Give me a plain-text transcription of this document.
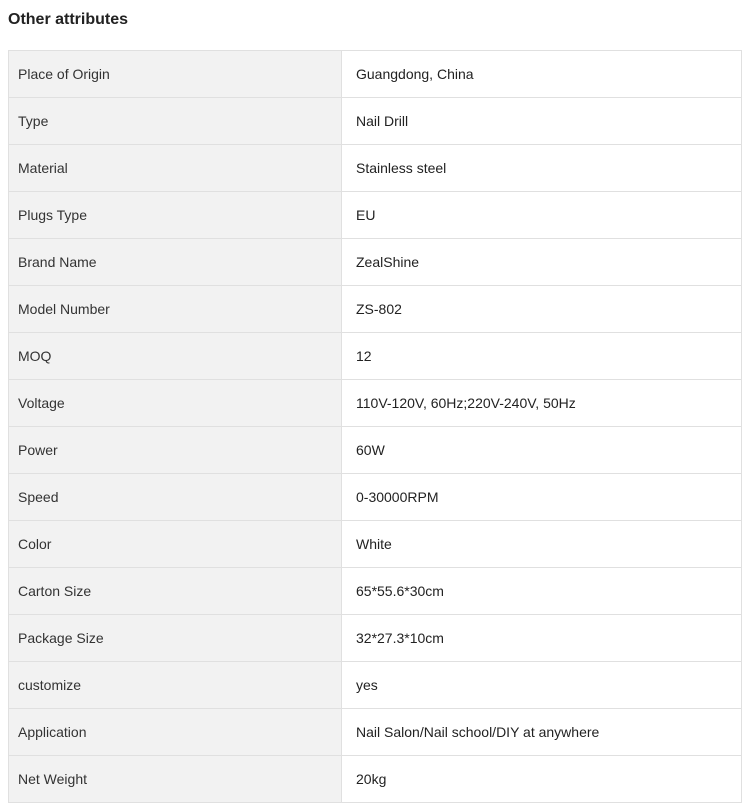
Other attributes
Place of Origin	Guangdong, China
Type	Nail Drill
Material	Stainless steel
Plugs Type	EU
Brand Name	ZealShine
Model Number	ZS-802
MOQ	12
Voltage	110V-120V, 60Hz;220V-240V, 50Hz
Power	60W
Speed	0-30000RPM
Color	White
Carton Size	65*55.6*30cm
Package Size	32*27.3*10cm
customize	yes
Application	Nail Salon/Nail school/DIY at anywhere
Net Weight	20kg
